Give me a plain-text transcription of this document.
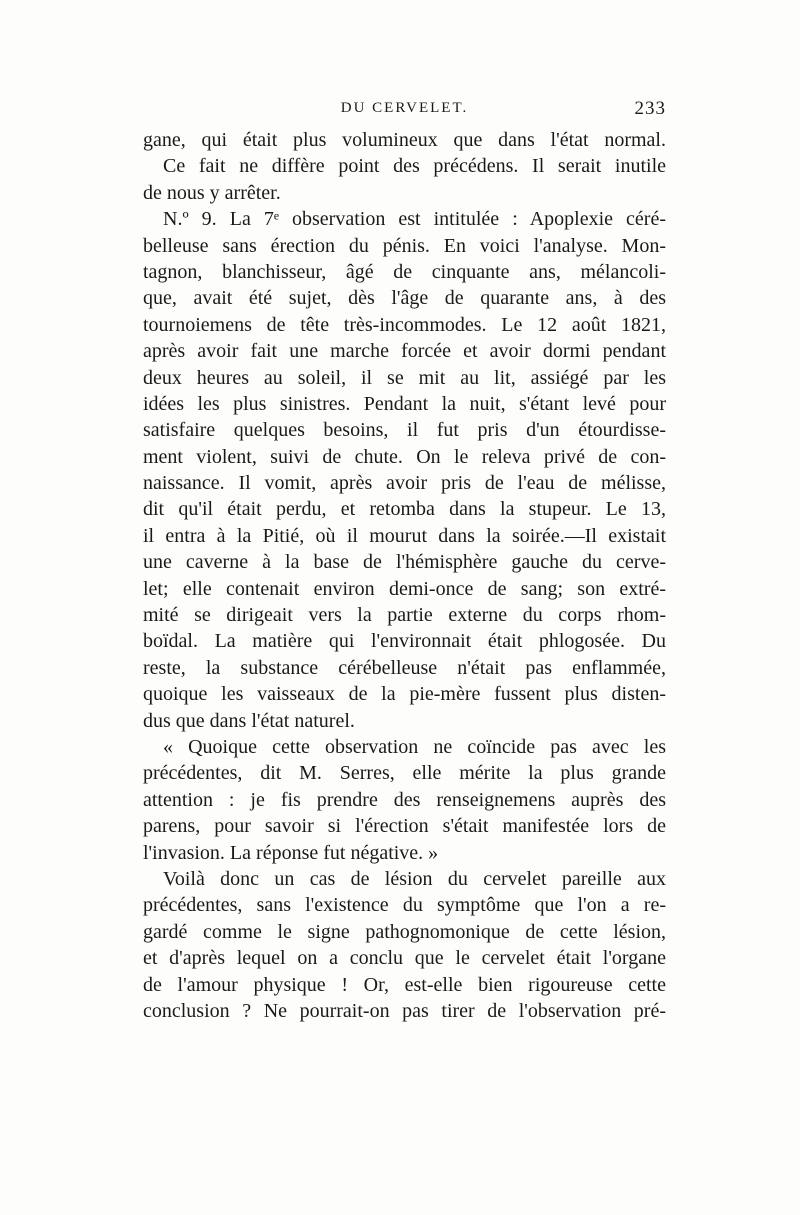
DU CERVELET.	233
gane, qui était plus volumineux que dans l'état normal.
Ce fait ne diffère point des précédens. Il serait inutile
de nous y arrêter.
N.º 9. La 7ᵉ observation est intitulée : Apoplexie céré-
belleuse sans érection du pénis. En voici l'analyse. Mon-
tagnon, blanchisseur, âgé de cinquante ans, mélancoli-
que, avait été sujet, dès l'âge de quarante ans, à des
tournoiemens de tête très-incommodes. Le 12 août 1821,
après avoir fait une marche forcée et avoir dormi pendant
deux heures au soleil, il se mit au lit, assiégé par les
idées les plus sinistres. Pendant la nuit, s'étant levé pour
satisfaire quelques besoins, il fut pris d'un étourdisse-
ment violent, suivi de chute. On le releva privé de con-
naissance. Il vomit, après avoir pris de l'eau de mélisse,
dit qu'il était perdu, et retomba dans la stupeur. Le 13,
il entra à la Pitié, où il mourut dans la soirée.—Il existait
une caverne à la base de l'hémisphère gauche du cerve-
let; elle contenait environ demi-once de sang; son extré-
mité se dirigeait vers la partie externe du corps rhom-
boïdal. La matière qui l'environnait était phlogosée. Du
reste, la substance cérébelleuse n'était pas enflammée,
quoique les vaisseaux de la pie-mère fussent plus disten-
dus que dans l'état naturel.
« Quoique cette observation ne coïncide pas avec les
précédentes, dit M. Serres, elle mérite la plus grande
attention : je fis prendre des renseignemens auprès des
parens, pour savoir si l'érection s'était manifestée lors de
l'invasion. La réponse fut négative. »
Voilà donc un cas de lésion du cervelet pareille aux
précédentes, sans l'existence du symptôme que l'on a re-
gardé comme le signe pathognomonique de cette lésion,
et d'après lequel on a conclu que le cervelet était l'organe
de l'amour physique ! Or, est-elle bien rigoureuse cette
conclusion ? Ne pourrait-on pas tirer de l'observation pré-
